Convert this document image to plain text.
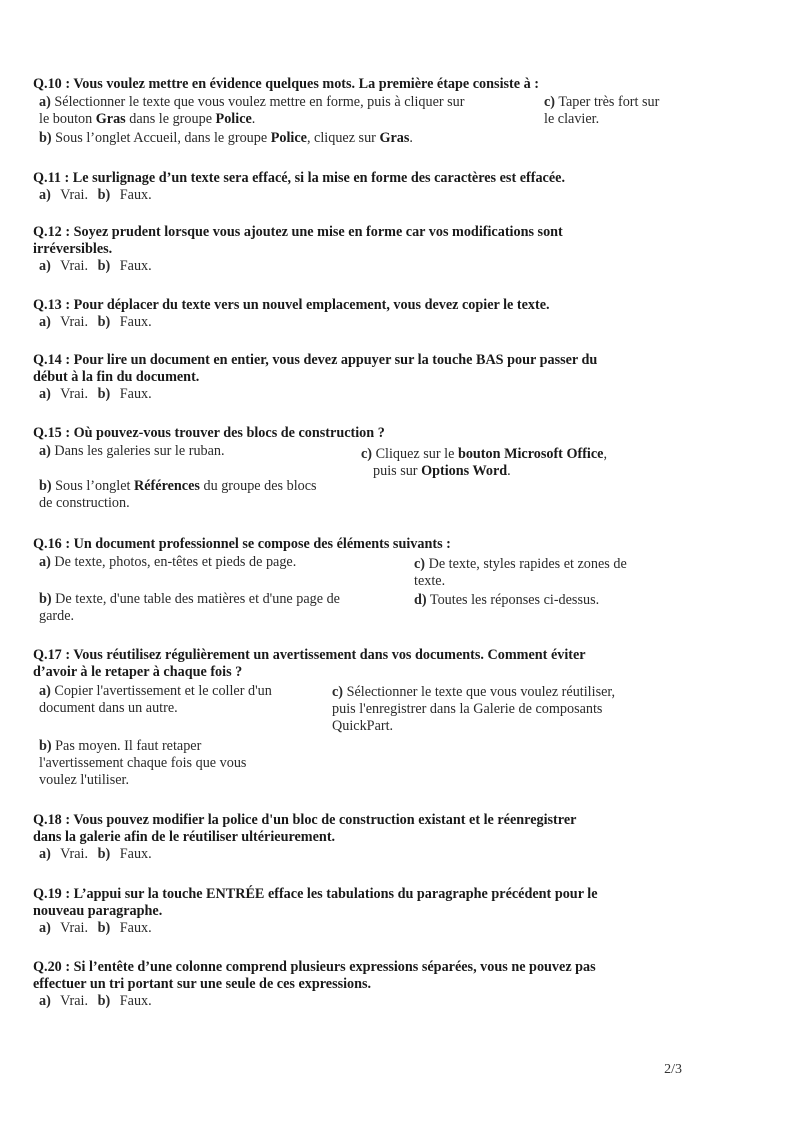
Q.10 : Vous voulez mettre en évidence quelques mots. La première étape consiste à :
a) Sélectionner le texte que vous voulez mettre en forme, puis à cliquer sur
le bouton Gras dans le groupe Police.
c) Taper très fort sur
le clavier.
b) Sous l’onglet Accueil, dans le groupe Police, cliquez sur Gras.
Q.11 : Le surlignage d’un texte sera effacé, si la mise en forme des caractères est effacée.
a) Vrai. b) Faux.
Q.12 : Soyez prudent lorsque vous ajoutez une mise en forme car vos modifications sont
irréversibles.
a) Vrai. b) Faux.
Q.13 : Pour déplacer du texte vers un nouvel emplacement, vous devez copier le texte.
a) Vrai. b) Faux.
Q.14 : Pour lire un document en entier, vous devez appuyer sur la touche BAS pour passer du
début à la fin du document.
a) Vrai. b) Faux.
Q.15 : Où pouvez-vous trouver des blocs de construction ?
a) Dans les galeries sur le ruban.	c) Cliquez sur le bouton Microsoft Office,
puis sur Options Word.
b) Sous l’onglet Références du groupe des blocs
de construction.
Q.16 : Un document professionnel se compose des éléments suivants :
a) De texte, photos, en-têtes et pieds de page.	c) De texte, styles rapides et zones de
texte.
b) De texte, d'une table des matières et d'une page de
garde.
d) Toutes les réponses ci-dessus.
Q.17 : Vous réutilisez régulièrement un avertissement dans vos documents. Comment éviter
d’avoir à le retaper à chaque fois ?
a) Copier l'avertissement et le coller d'un
document dans un autre.
c) Sélectionner le texte que vous voulez réutiliser,
puis l'enregistrer dans la Galerie de composants
QuickPart.
b) Pas moyen. Il faut retaper
l'avertissement chaque fois que vous
voulez l'utiliser.
Q.18 : Vous pouvez modifier la police d'un bloc de construction existant et le réenregistrer
dans la galerie afin de le réutiliser ultérieurement.
a) Vrai. b) Faux.
Q.19 : L’appui sur la touche ENTRÉE efface les tabulations du paragraphe précédent pour le
nouveau paragraphe.
a) Vrai. b) Faux.
Q.20 : Si l’entête d’une colonne comprend plusieurs expressions séparées, vous ne pouvez pas
effectuer un tri portant sur une seule de ces expressions.
a) Vrai. b) Faux.
2/3
